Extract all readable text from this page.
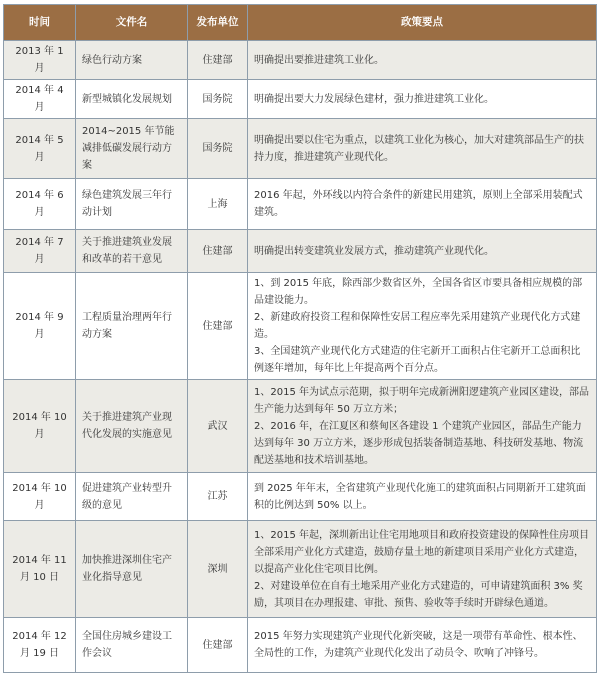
时间	文件名	发布单位	政策要点
2013 年 1 月	绿色行动方案	住建部	明确提出要推进建筑工业化。

2014 年 4 月	新型城镇化发展规划	国务院	明确提出要大力发展绿色建材，强力推进建筑工业化。

2014 年 5 月	2014~2015 年节能减排低碳发展行动方案	国务院	明确提出要以住宅为重点，以建筑工业化为核心，加大对建筑部品生产的扶持力度，推进建筑产业现代化。

2014 年 6 月	绿色建筑发展三年行动计划	上海	2016 年起，外环线以内符合条件的新建民用建筑，原则上全部采用装配式建筑。

2014 年 7 月	关于推进建筑业发展和改革的若干意见	住建部	明确提出转变建筑业发展方式，推动建筑产业现代化。

2014 年 9 月	工程质量治理两年行动方案	住建部	1、到 2015 年底，除西部少数省区外，全国各省区市要具备相应规模的部品建设能力。
2、新建政府投资工程和保障性安居工程应率先采用建筑产业现代化方式建造。
3、全国建筑产业现代化方式建造的住宅新开工面积占住宅新开工总面积比例逐年增加，每年比上年提高两个百分点。

2014 年 10 月	关于推进建筑产业现代化发展的实施意见	武汉	1、2015 年为试点示范期，拟于明年完成新洲阳逻建筑产业园区建设，部品生产能力达到每年 50 万立方米；
2、2016 年，在江夏区和蔡甸区各建设 1 个建筑产业园区，部品生产能力达到每年 30 万立方米，逐步形成包括装备制造基地、科技研发基地、物流配送基地和技术培训基地。

2014 年 10 月	促进建筑产业转型升级的意见	江苏	到 2025 年年末，全省建筑产业现代化施工的建筑面积占同期新开工建筑面积的比例达到 50% 以上。

2014 年 11 月 10 日	加快推进深圳住宅产业化指导意见	深圳	1、2015 年起，深圳新出让住宅用地项目和政府投资建设的保障性住房项目全部采用产业化方式建造，鼓励存量土地的新建项目采用产业化方式建造，以提高产业化住宅项目比例。
2、对建设单位在自有土地采用产业化方式建造的，可申请建筑面积 3% 奖励，其项目在办理报建、审批、预售、验收等手续时开辟绿色通道。

2014 年 12 月 19 日	全国住房城乡建设工作会议	住建部	2015 年努力实现建筑产业现代化新突破，这是一项带有革命性、根本性、全局性的工作，为建筑产业现代化发出了动员令、吹响了冲锋号。
